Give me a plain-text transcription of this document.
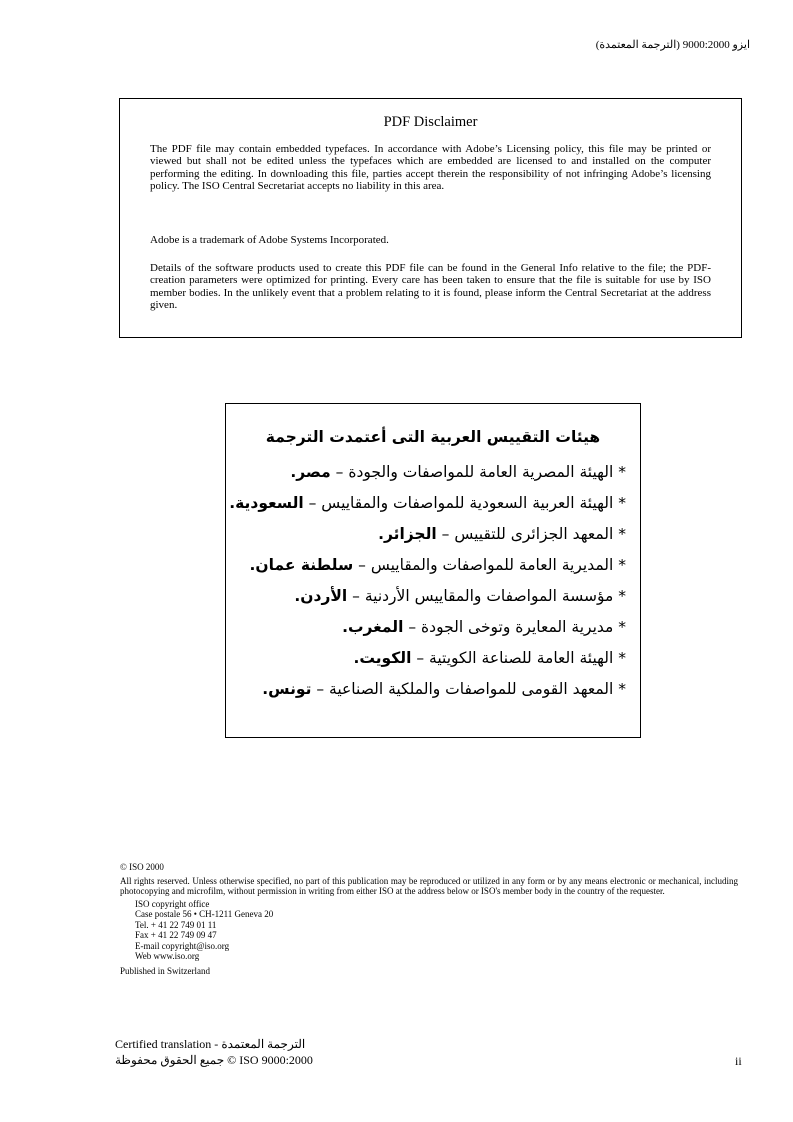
ايزو 9000:2000 (الترجمة المعتمدة)
PDF Disclaimer
The PDF file may contain embedded typefaces. In accordance with Adobe’s Licensing policy, this file may be printed or viewed but shall not be edited unless the typefaces which are embedded are licensed to and installed on the computer performing the editing. In downloading this file, parties accept therein the responsibility of not infringing Adobe’s licensing policy. The ISO Central Secretariat accepts no liability in this area.
Adobe is a trademark of Adobe Systems Incorporated.
Details of the software products used to create this PDF file can be found in the General Info relative to the file; the PDF-creation parameters were optimized for printing. Every care has been taken to ensure that the file is suitable for use by ISO member bodies. In the unlikely event that a problem relating to it is found, please inform the Central Secretariat at the address given.
هيئات التقييس العربية التى أعتمدت الترجمة
* الهيئة المصرية العامة للمواصفات والجودة – مصر.
* الهيئة العربية السعودية للمواصفات والمقاييس – السعودية.
* المعهد الجزائرى للتقييس – الجزائر.
* المديرية العامة للمواصفات والمقاييس – سلطنة عمان.
* مؤسسة المواصفات والمقاييس الأردنية – الأردن.
* مديرية المعايرة وتوخى الجودة – المغرب.
* الهيئة العامة للصناعة الكويتية – الكويت.
* المعهد القومى للمواصفات والملكية الصناعية – تونس.
© ISO 2000
All rights reserved. Unless otherwise specified, no part of this publication may be reproduced or utilized in any form or by any means electronic or mechanical, including photocopying and microfilm, without permission in writing from either ISO at the address below or ISO's member body in the country of the requester.
ISO copyright office
Case postale 56 • CH-1211 Geneva 20
Tel. + 41 22 749 01 11
Fax + 41 22 749 09 47
E-mail copyright@iso.org
Web www.iso.org
Published in Switzerland
Certified translation - الترجمة المعتمدة
جميع الحقوق محفوظة © ISO 9000:2000	ii
